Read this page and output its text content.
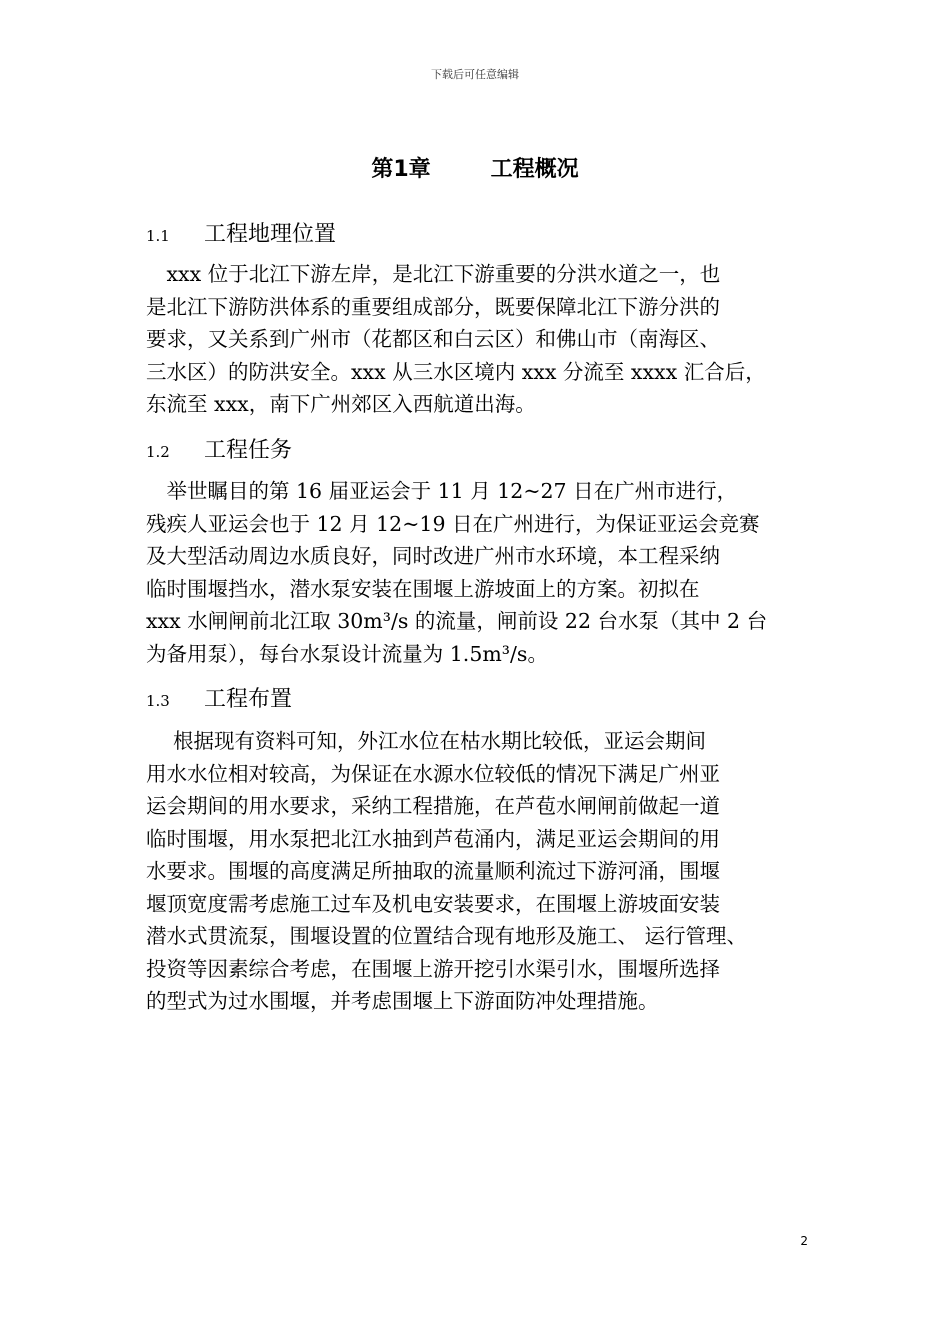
下载后可任意编辑
第1章	工程概况
1.1 工程地理位置

　xxx 位于北江下游左岸，是北江下游重要的分洪水道之一，也
是北江下游防洪体系的重要组成部分，既要保障北江下游分洪的
要求，又关系到广州市（花都区和白云区）和佛山市（南海区、
三水区）的防洪安全。xxx 从三水区境内 xxx 分流至 xxxx 汇合后，
东流至 xxx，南下广州郊区入西航道出海。

1.2 工程任务

　举世瞩目的第 16 届亚运会于 11 月 12~27 日在广州市进行，
残疾人亚运会也于 12 月 12~19 日在广州进行，为保证亚运会竞赛
及大型活动周边水质良好，同时改进广州市水环境，本工程采纳
临时围堰挡水，潜水泵安装在围堰上游坡面上的方案。初拟在
xxx 水闸闸前北江取 30m³/s 的流量，闸前设 22 台水泵（其中 2 台
为备用泵），每台水泵设计流量为 1.5m³/s。

1.3 工程布置

　 根据现有资料可知，外江水位在枯水期比较低，亚运会期间
用水水位相对较高，为保证在水源水位较低的情况下满足广州亚
运会期间的用水要求，采纳工程措施，在芦苞水闸闸前做起一道
临时围堰，用水泵把北江水抽到芦苞涌内，满足亚运会期间的用
水要求。围堰的高度满足所抽取的流量顺利流过下游河涌，围堰
堰顶宽度需考虑施工过车及机电安装要求，在围堰上游坡面安装
潜水式贯流泵，围堰设置的位置结合现有地形及施工、 运行管理、
投资等因素综合考虑，在围堰上游开挖引水渠引水，围堰所选择
的型式为过水围堰，并考虑围堰上下游面防冲处理措施。

2
